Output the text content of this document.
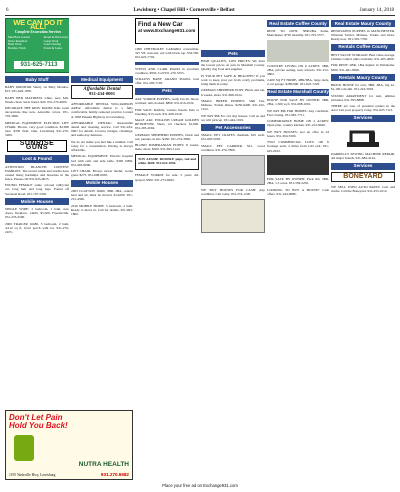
6	Lewisburg • Chapel Hill • Cornersville • Belfast	January 14, 2018
WE CAN DO IT ALL!
Complete Excavation Services
Mud Barn Garden
Drive Retention
Bush Work
Backhoe Work
Roads & Driveways
Grade Work
Land Clearing
Ponds & Lakes
931-625-7113
Baby Stuff

BABY MONITOR Safety 1st Baby Monitor, $15. 931-629-1930.

BABY BED MATTRESS white, new, $20. Needs clean. Serta brand. $20. 931-270-4600.

DECORATE THE KIDS' ROOM: Kids room decorations like new. Adorable colors. 931-703-3990.

MEDICAL EQUIPMENT ELECTRIC LIFT CHAIR. Brown, very good condition. $2,000 new, $350 firm. Oak, Lewisburg 931-270-5200.

SUNRISE GUNS
Lost & Found

ATTENTION BLANCHS CONTEST FAMILIES. The recent winds and storms have caused many hardships and breaches in the fence. Please call 931-625-0015.

FOUND FEMALE some colored tabby/tan cat, long hair and long legs. Found off Swanson Road. 931-797-5595.

Mobile Houses

SINGLE WIDE: 2 bedroom, 1 bath, new doors, fireplace, 14x65, $5,500. Fayetteville. 931-276-4500.

2009 TRAILER 16x80, 3 bedroom, 2 bath, 4,214 sq ft, front porch with lot. 931-279-2225.

Medical Equipment
Affordable Dental
931-434-0001

AFFORDABLE DENTAL WILLIAMSON AREA: Affordable dental is a fully comfortable family-centered practice located at 1958 Pulaski Highway in Lewisburg.

AFFORDABLE DENTAL: Reasonable dental and cleaning service. Call 931-434-0001 for details. Crowns, bridges, cleanings, and same day dentures.

We do not make you feel like a number. Call today for a consultation. Pricing is always affordable.

MEDICAL EQUIPMENT: Electric hospital bed with rails and side table. $300 OBO. 931-993-8000.

LIFT CHAIR: Brown, newer model, works great. $275. 931-698-0005.

Mobile Houses

2003 CLAYTON 16x80, 3BR, 2BA, central heat and air, must be moved. $14,000. 931-215-4590.

2016 MOBILE HOME: 3 bedroom, 2 bath. Ready to move in. Call for details. 931-993-1800.

Don't Let Pain
Hold You Back!
NUTRA HEALTH
1195 Nashville Hwy, Lewisburg	931.270.6682
Find a New Car
at www.Exchange931.com

1969 CHEVROLET CAMARO convertible, 327 V8, restored, red with black top. $32,500. 931-622-7702.

STEWS AND CLAIR PIANO in excellent condition, $950. Call 931-270-5555.

STRAUSS BABY GRAND PIANO, best offer. 931-293-7103.

Pets

AKC YORKIE PUPPIES, ready Jan 20. Shots, wormed, tails docked. $800. 931-619-2522.

FOR SALE: Rabbits, various breeds. Pets or breeding. $15 each. 931-628-1020.

MALE AKC ENGLISH CREAM GOLDEN RETRIEVER. Shots, vet checked. $1,000. 931-205-2004.

GERMAN SHEPHERD PUPPIES, black and red, parents on site. $450. 931-274-3006.

BLOND POMERANIAN PUPPY, 8 weeks, male, shots. $500. 931-693-1124.

TOY AUSSIE DOODLE pups, red and white. $600. 931-622-1050.

FEMALE YORKIE for sale, 5 years old, spayed. $300. 931-273-8945.

Pets

HIGH QUALITY, LOW PRICES: We have the lowest prices on pets in Marshall County. Quality dog food and supplies.

IS YOUR PET SAFE & HEALTHY? If you want to keep your pet from costly problems, bring them in today.

GERMAN SHEPHERD PUPS: Black and tan, 6 weeks, shots. 931-698-1024.

SMALL BREED PUPPIES: Shih Tzu, Maltese, Yorkie mixes. $250-$400. 931-222-1012.

WE PAY $$$ For old dog houses. Call us and we will pick up. 931-444-1919.

Pet Accessories

SMALL PET CRATES, medium, $25 each. 931-693-5003.

SMALL PET CARRIER, $15. Good condition. 931-270-7800.

WE BUY HOUSES FOR CASH: Any condition. Call today. 931-274-1220.

Real Estate Coffee County

RENT TO OWN: 3BR/2BA home, Manchester. $795 monthly. 931-703-5577.

COUNTRY LIVING ON 6 ACRES: 3BR, 2BA, private setting, near schools. 931-212-4802.

2,400 SQ FT HOME, 4BR/3BA, large deck, 2-car garage. $289,900. 931-625-7220.

Real Estate Marshall County

HOUSE FOR SALE BY OWNER: 3BR, 2BA, 1,500 sq ft. 931-698-1001.

WE PAY $$$ FOR HOMES: Any condition. Fast closing. 931-981-7711.

COMFORTABLE HOME ON 2 ACRES: Open plan, country kitchen. 931-212-8040.

WE BUY HOUSES: Get an offer in 24 hours. 931-304-5500.

TWO COMMERCIAL LOTS: 100 ft frontage each, 2 miles from I-65 exit. 931-625-0012.

FOR SALE BY OWNER: Pack Rd, 3BR, 2BA, 1.5 acres. 931-359-2250.

LOOKING TO BUY A HOUSE? Cash offers. 931-444-8080.

Real Estate Maury County

RENOVATED PUPPIES in MANCHESTER, Wheaten Terrier, Maltese, Yorkie and more. Ready now. 931-303-7700.

Rentals Coffee County

BEST VALUE STORAGE: Best value storage. Climate control units available. 931-205-4000.

FOR RENT: 2BR, 1BA duplex in Tullahoma. $650. 931-461-0098.

Rentals Maury County

BRICK HOUSE for rent, 3BR, 2BA, big lot. $1,100 a month. 931-224-5003.

STUDIO APARTMENT for rent, utilities included. 931-393-8888.

THERE are tons of potential renters in the area! List your property today. 931-625-7113.

Services

DARRELL'S SEWING MACHINE REPAIR. All major brands. 931-684-4142.

Services
BONEYARD

WE SELL USED AUTO PARTS: Cars and trucks. Call the Boneyard. 931-455-1012.

Place your free ad on Exchange931.com
